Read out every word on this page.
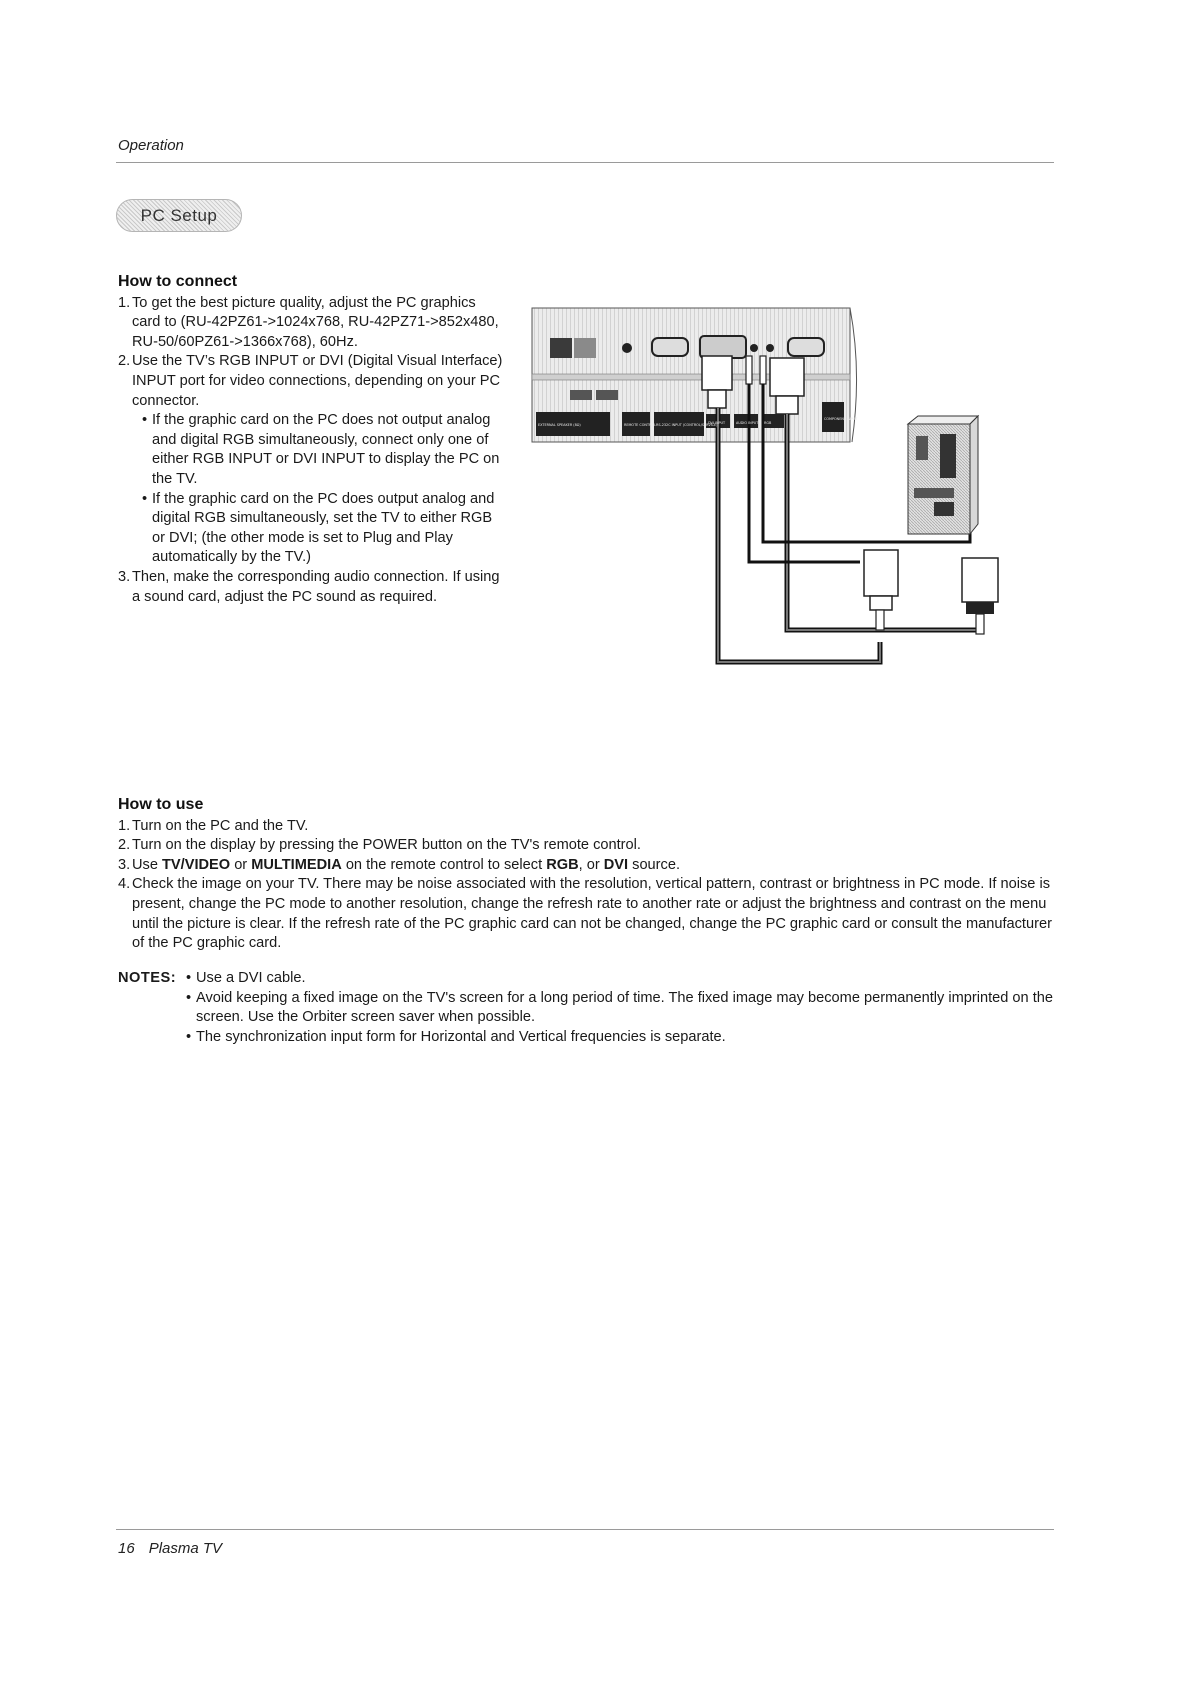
Operation
PC Setup
How to connect
1. To get the best picture quality, adjust the PC graphics card to (RU-42PZ61->1024x768, RU-42PZ71->852x480, RU-50/60PZ61->1366x768), 60Hz.
2. Use the TV’s RGB INPUT or DVI (Digital Visual Interface) INPUT port for video connections, depending on your PC connector.
• If the graphic card on the PC does not output analog and digital RGB simultaneously, connect only one of either RGB INPUT or DVI INPUT to display the PC on the TV.
• If the graphic card on the PC does output analog and digital RGB simultaneously, set the TV to either RGB or DVI; (the other mode is set to Plug and Play automatically by the TV.)
3. Then, make the corresponding audio connection. If using a sound card, adjust the PC sound as required.
EXTERNAL SPEAKER (8Ω)	REMOTE CONTROL RS-232C INPUT (CONTROL/SERVICE)
DVI INPUT	AUDIO INPUT RGB
COMPONENT INPUT
How to use
1. Turn on the PC and the TV.
2. Turn on the display by pressing the POWER button on the TV's remote control.
3. Use TV/VIDEO or MULTIMEDIA on the remote control to select RGB, or DVI source.
4. Check the image on your TV. There may be noise associated with the resolution, vertical pattern, contrast or brightness in PC mode. If noise is present, change the PC mode to another resolution, change the refresh rate to another rate or adjust the brightness and contrast on the menu until the picture is clear. If the refresh rate of the PC graphic card can not be changed, change the PC graphic card or consult the manufacturer of the PC graphic card.
NOTES: • Use a DVI cable.
• Avoid keeping a fixed image on the TV's screen for a long period of time. The fixed image may become permanently imprinted on the screen. Use the Orbiter screen saver when possible.
• The synchronization input form for Horizontal and Vertical frequencies is separate.
16 Plasma TV
